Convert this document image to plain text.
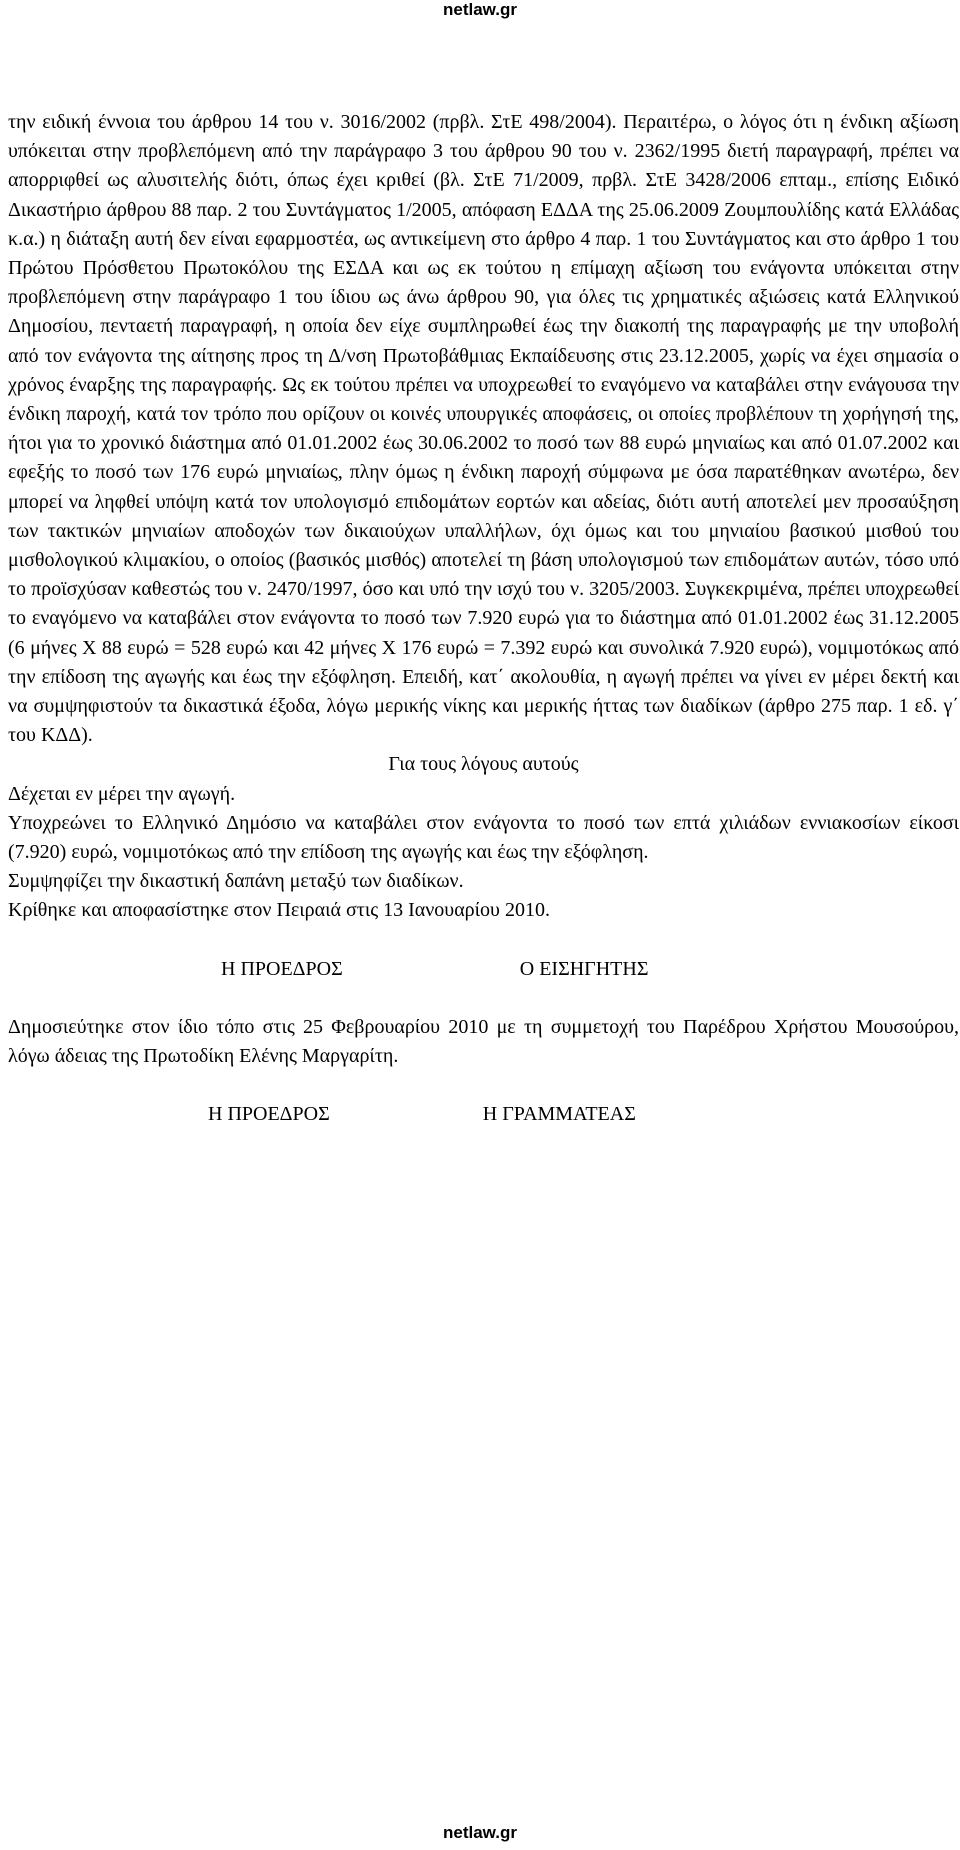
netlaw.gr

την ειδική έννοια του άρθρου 14 του ν. 3016/2002 (πρβλ. ΣτΕ 498/2004). Περαιτέρω, ο λόγος ότι η ένδικη αξίωση υπόκειται στην προβλεπόμενη από την παράγραφο 3 του άρθρου 90 του ν. 2362/1995 διετή παραγραφή, πρέπει να απορριφθεί ως αλυσιτελής διότι, όπως έχει κριθεί (βλ. ΣτΕ 71/2009, πρβλ. ΣτΕ 3428/2006 επταμ., επίσης Ειδικό Δικαστήριο άρθρου 88 παρ. 2 του Συντάγματος 1/2005, απόφαση ΕΔΔΑ της 25.06.2009 Ζουμπουλίδης κατά Ελλάδας κ.α.) η διάταξη αυτή δεν είναι εφαρμοστέα, ως αντικείμενη στο άρθρο 4 παρ. 1 του Συντάγματος και στο άρθρο 1 του Πρώτου Πρόσθετου Πρωτοκόλου της ΕΣΔΑ και ως εκ τούτου η επίμαχη αξίωση του ενάγοντα υπόκειται στην προβλεπόμενη στην παράγραφο 1 του ίδιου ως άνω άρθρου 90, για όλες τις χρηματικές αξιώσεις κατά Ελληνικού Δημοσίου, πενταετή παραγραφή, η οποία δεν είχε συμπληρωθεί έως την διακοπή της παραγραφής με την υποβολή από τον ενάγοντα της αίτησης προς τη Δ/νση Πρωτοβάθμιας Εκπαίδευσης στις 23.12.2005, χωρίς να έχει σημασία ο χρόνος έναρξης της παραγραφής. Ως εκ τούτου πρέπει να υποχρεωθεί το εναγόμενο να καταβάλει στην ενάγουσα την ένδικη παροχή, κατά τον τρόπο που ορίζουν οι κοινές υπουργικές αποφάσεις, οι οποίες προβλέπουν τη χορήγησή της, ήτοι για το χρονικό διάστημα από 01.01.2002 έως 30.06.2002 το ποσό των 88 ευρώ μηνιαίως και από 01.07.2002 και εφεξής το ποσό των 176 ευρώ μηνιαίως, πλην όμως η ένδικη παροχή σύμφωνα με όσα παρατέθηκαν ανωτέρω, δεν μπορεί να ληφθεί υπόψη κατά τον υπολογισμό επιδομάτων εορτών και αδείας, διότι αυτή αποτελεί μεν προσαύξηση των τακτικών μηνιαίων αποδοχών των δικαιούχων υπαλλήλων, όχι όμως και του μηνιαίου βασικού μισθού του μισθολογικού κλιμακίου, ο οποίος (βασικός μισθός) αποτελεί τη βάση υπολογισμού των επιδομάτων αυτών, τόσο υπό το προϊσχύσαν καθεστώς του ν. 2470/1997, όσο και υπό την ισχύ του ν. 3205/2003. Συγκεκριμένα, πρέπει υποχρεωθεί το εναγόμενο να καταβάλει στον ενάγοντα το ποσό των 7.920 ευρώ για το διάστημα από 01.01.2002 έως 31.12.2005 (6 μήνες Χ 88 ευρώ = 528 ευρώ και 42 μήνες Χ 176 ευρώ = 7.392 ευρώ και συνολικά 7.920 ευρώ), νομιμοτόκως από την επίδοση της αγωγής και έως την εξόφληση. Επειδή, κατ΄ ακολουθία, η αγωγή πρέπει να γίνει εν μέρει δεκτή και να συμψηφιστούν τα δικαστικά έξοδα, λόγω μερικής νίκης και μερικής ήττας των διαδίκων (άρθρο 275 παρ. 1 εδ. γ΄ του ΚΔΔ).

Για τους λόγους αυτούς

Δέχεται εν μέρει την αγωγή.

Υποχρεώνει το Ελληνικό Δημόσιο να καταβάλει στον ενάγοντα το ποσό των επτά χιλιάδων εννιακοσίων είκοσι (7.920) ευρώ, νομιμοτόκως από την επίδοση της αγωγής και έως την εξόφληση.

Συμψηφίζει την δικαστική δαπάνη μεταξύ των διαδίκων.

Κρίθηκε και αποφασίστηκε στον Πειραιά στις 13 Ιανουαρίου 2010.

Η ΠΡΟΕΔΡΟΣ	Ο ΕΙΣΗΓΗΤΗΣ

Δημοσιεύτηκε στον ίδιο τόπο στις 25 Φεβρουαρίου 2010 με τη συμμετοχή του Παρέδρου Χρήστου Μουσούρου, λόγω άδειας της Πρωτοδίκη Ελένης Μαργαρίτη.

Η ΠΡΟΕΔΡΟΣ	Η ΓΡΑΜΜΑΤΕΑΣ
netlaw.gr
